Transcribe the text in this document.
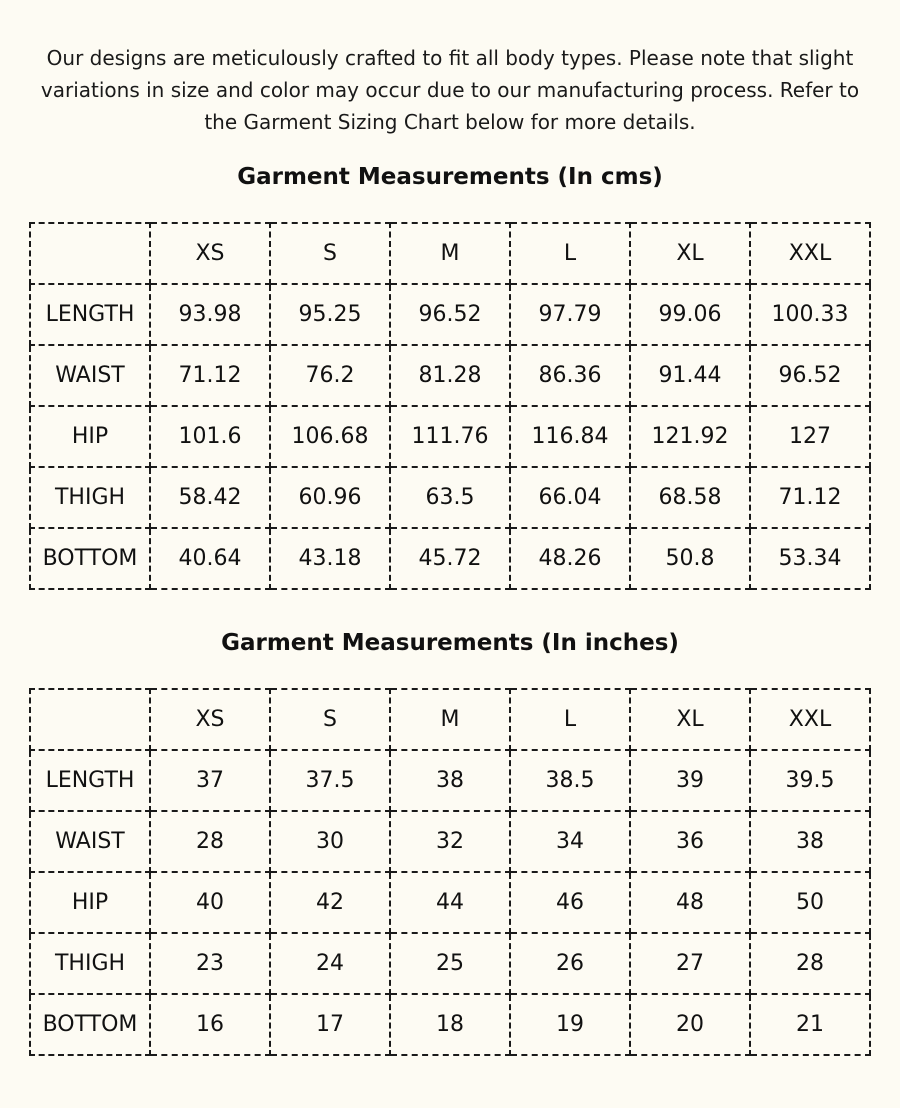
Our designs are meticulously crafted to fit all body types. Please note that slight
variations in size and color may occur due to our manufacturing process. Refer to
the Garment Sizing Chart below for more details.
Garment Measurements (In cms)
	XS	S	M	L	XL	XXL
LENGTH	93.98	95.25	96.52	97.79	99.06	100.33
WAIST	71.12	76.2	81.28	86.36	91.44	96.52
HIP	101.6	106.68	111.76	116.84	121.92	127
THIGH	58.42	60.96	63.5	66.04	68.58	71.12
BOTTOM	40.64	43.18	45.72	48.26	50.8	53.34
Garment Measurements (In inches)
	XS	S	M	L	XL	XXL
LENGTH	37	37.5	38	38.5	39	39.5
WAIST	28	30	32	34	36	38
HIP	40	42	44	46	48	50
THIGH	23	24	25	26	27	28
BOTTOM	16	17	18	19	20	21
